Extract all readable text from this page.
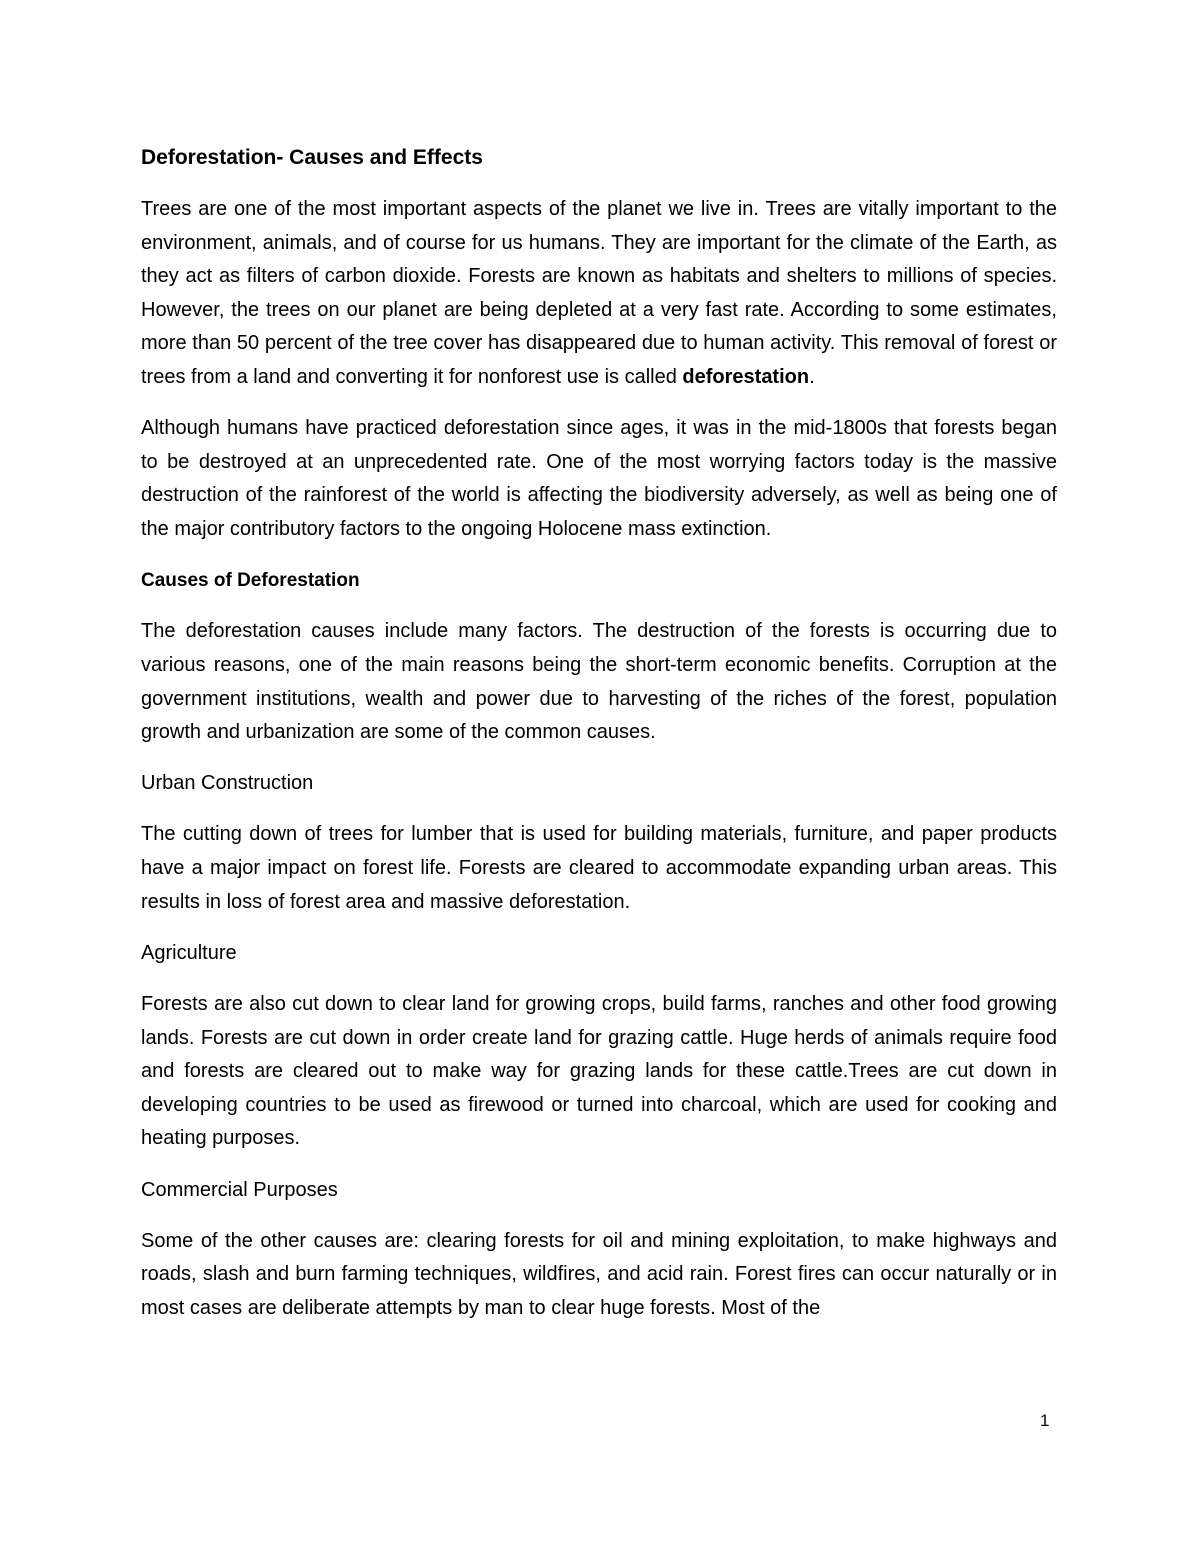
Deforestation- Causes and Effects

Trees are one of the most important aspects of the planet we live in. Trees are vitally important to the environment, animals, and of course for us humans. They are important for the climate of the Earth, as they act as filters of carbon dioxide. Forests are known as habitats and shelters to millions of species. However, the trees on our planet are being depleted at a very fast rate. According to some estimates, more than 50 percent of the tree cover has disappeared due to human activity. This removal of forest or trees from a land and converting it for nonforest use is called deforestation.

Although humans have practiced deforestation since ages, it was in the mid-1800s that forests began to be destroyed at an unprecedented rate. One of the most worrying factors today is the massive destruction of the rainforest of the world is affecting the biodiversity adversely, as well as being one of the major contributory factors to the ongoing Holocene mass extinction.

Causes of Deforestation

The deforestation causes include many factors. The destruction of the forests is occurring due to various reasons, one of the main reasons being the short-term economic benefits. Corruption at the government institutions, wealth and power due to harvesting of the riches of the forest, population growth and urbanization are some of the common causes.

Urban Construction

The cutting down of trees for lumber that is used for building materials, furniture, and paper products have a major impact on forest life. Forests are cleared to accommodate expanding urban areas. This results in loss of forest area and massive deforestation.

Agriculture

Forests are also cut down to clear land for growing crops, build farms, ranches and other food growing lands. Forests are cut down in order create land for grazing cattle. Huge herds of animals require food and forests are cleared out to make way for grazing lands for these cattle.Trees are cut down in developing countries to be used as firewood or turned into charcoal, which are used for cooking and heating purposes.

Commercial Purposes

Some of the other causes are: clearing forests for oil and mining exploitation, to make highways and roads, slash and burn farming techniques, wildfires, and acid rain. Forest fires can occur naturally or in most cases are deliberate attempts by man to clear huge forests. Most of the

1
